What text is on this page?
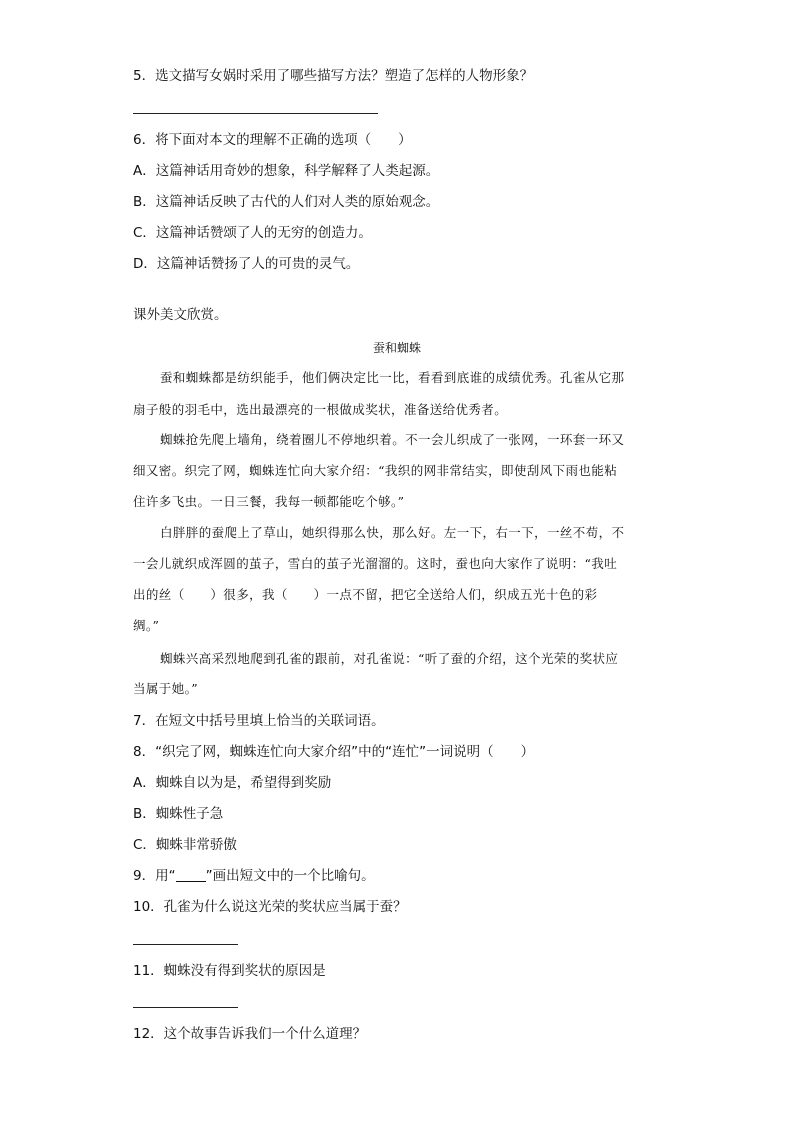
5．选文描写女娲时采用了哪些描写方法？塑造了怎样的人物形象？
6．将下面对本文的理解不正确的选项（　　）
A．这篇神话用奇妙的想象，科学解释了人类起源。
B．这篇神话反映了古代的人们对人类的原始观念。
C．这篇神话赞颂了人的无穷的创造力。
D．这篇神话赞扬了人的可贵的灵气。
课外美文欣赏。
蚕和蜘蛛
蚕和蜘蛛都是纺织能手，他们俩决定比一比，看看到底谁的成绩优秀。孔雀从它那
扇子般的羽毛中，选出最漂亮的一根做成奖状，准备送给优秀者。
蜘蛛抢先爬上墙角，绕着圈儿不停地织着。不一会儿织成了一张网，一环套一环又
细又密。织完了网，蜘蛛连忙向大家介绍：“我织的网非常结实，即使刮风下雨也能粘
住许多飞虫。一日三餐，我每一顿都能吃个够。”
白胖胖的蚕爬上了草山，她织得那么快，那么好。左一下，右一下，一丝不苟，不
一会儿就织成浑圆的茧子，雪白的茧子光溜溜的。这时，蚕也向大家作了说明：“我吐
出的丝（　　）很多，我（　　）一点不留，把它全送给人们，织成五光十色的彩
绸。”
蜘蛛兴高采烈地爬到孔雀的跟前，对孔雀说：“听了蚕的介绍，这个光荣的奖状应
当属于她。”
7．在短文中括号里填上恰当的关联词语。
8．“织完了网，蜘蛛连忙向大家介绍”中的“连忙”一词说明（　　）
A．蜘蛛自以为是，希望得到奖励
B．蜘蛛性子急
C．蜘蛛非常骄傲
9．用“ ”画出短文中的一个比喻句。
10．孔雀为什么说这光荣的奖状应当属于蚕？
11．蜘蛛没有得到奖状的原因是
12．这个故事告诉我们一个什么道理？
